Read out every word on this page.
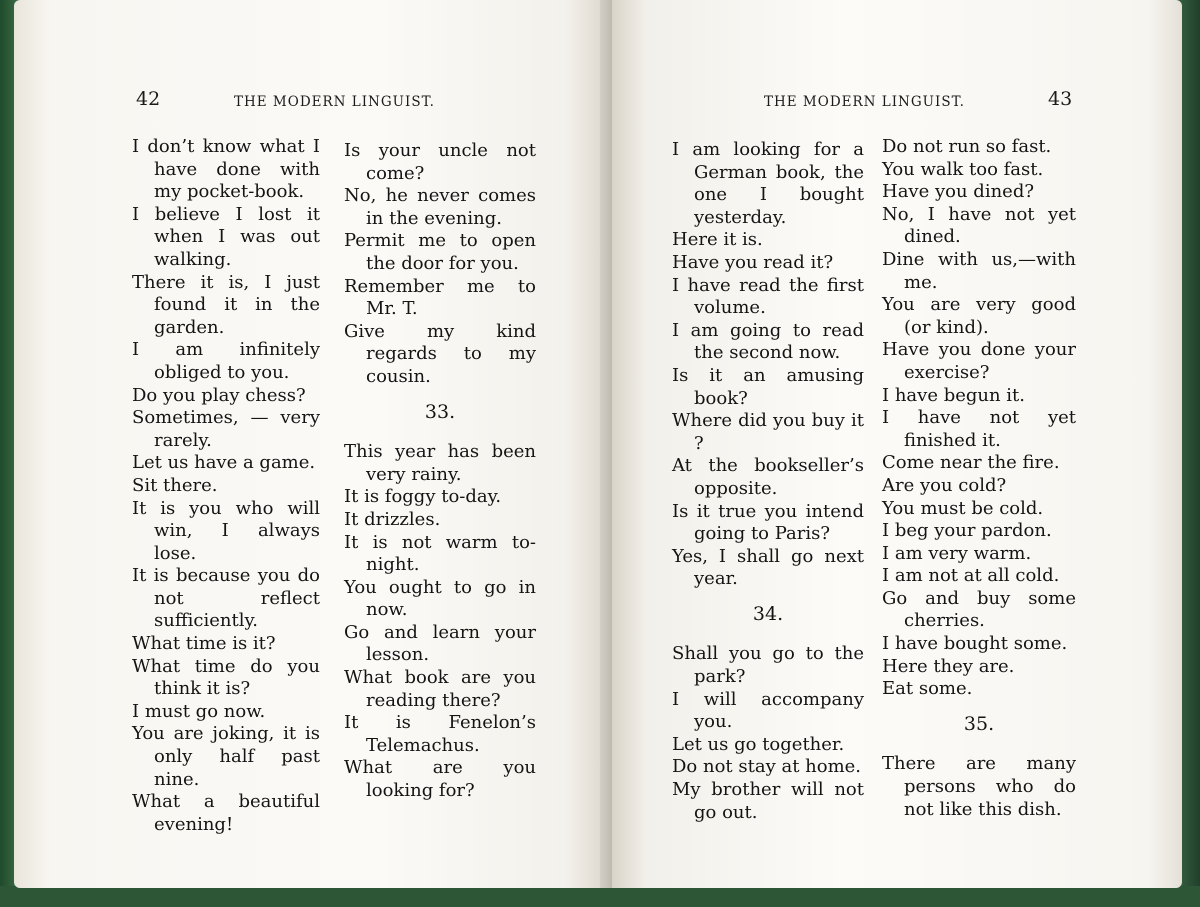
42	THE MODERN LINGUIST.

I don’t know what I have done with my pocket-book.

I believe I lost it when I was out walking.

There it is, I just found it in the garden.

I am infinitely obliged to you.

Do you play chess?

Sometimes, — very rarely.

Let us have a game.

Sit there.

It is you who will win, I always lose.

It is because you do not reflect sufficiently.

What time is it?

What time do you think it is?

I must go now.

You are joking, it is only half past nine.

What a beautiful evening!

Is your uncle not come?

No, he never comes in the evening.

Permit me to open the door for you.

Remember me to Mr. T.

Give my kind regards to my cousin.

33.

This year has been very rainy.

It is foggy to-day.

It drizzles.

It is not warm to-night.

You ought to go in now.

Go and learn your lesson.

What book are you reading there?

It is Fenelon’s Telemachus.

What are you looking for?

THE MODERN LINGUIST.	43

I am looking for a German book, the one I bought yesterday.

Here it is.

Have you read it?

I have read the first volume.

I am going to read the second now.

Is it an amusing book?

Where did you buy it ?

At the bookseller’s opposite.

Is it true you intend going to Paris?

Yes, I shall go next year.

34.

Shall you go to the park?

I will accompany you.

Let us go together.

Do not stay at home.

My brother will not go out.

Do not run so fast.

You walk too fast.

Have you dined?

No, I have not yet dined.

Dine with us,—with me.

You are very good (or kind).

Have you done your exercise?

I have begun it.

I have not yet finished it.

Come near the fire.

Are you cold?

You must be cold.

I beg your pardon.

I am very warm.

I am not at all cold.

Go and buy some cherries.

I have bought some.

Here they are.

Eat some.

35.

There are many persons who do not like this dish.
